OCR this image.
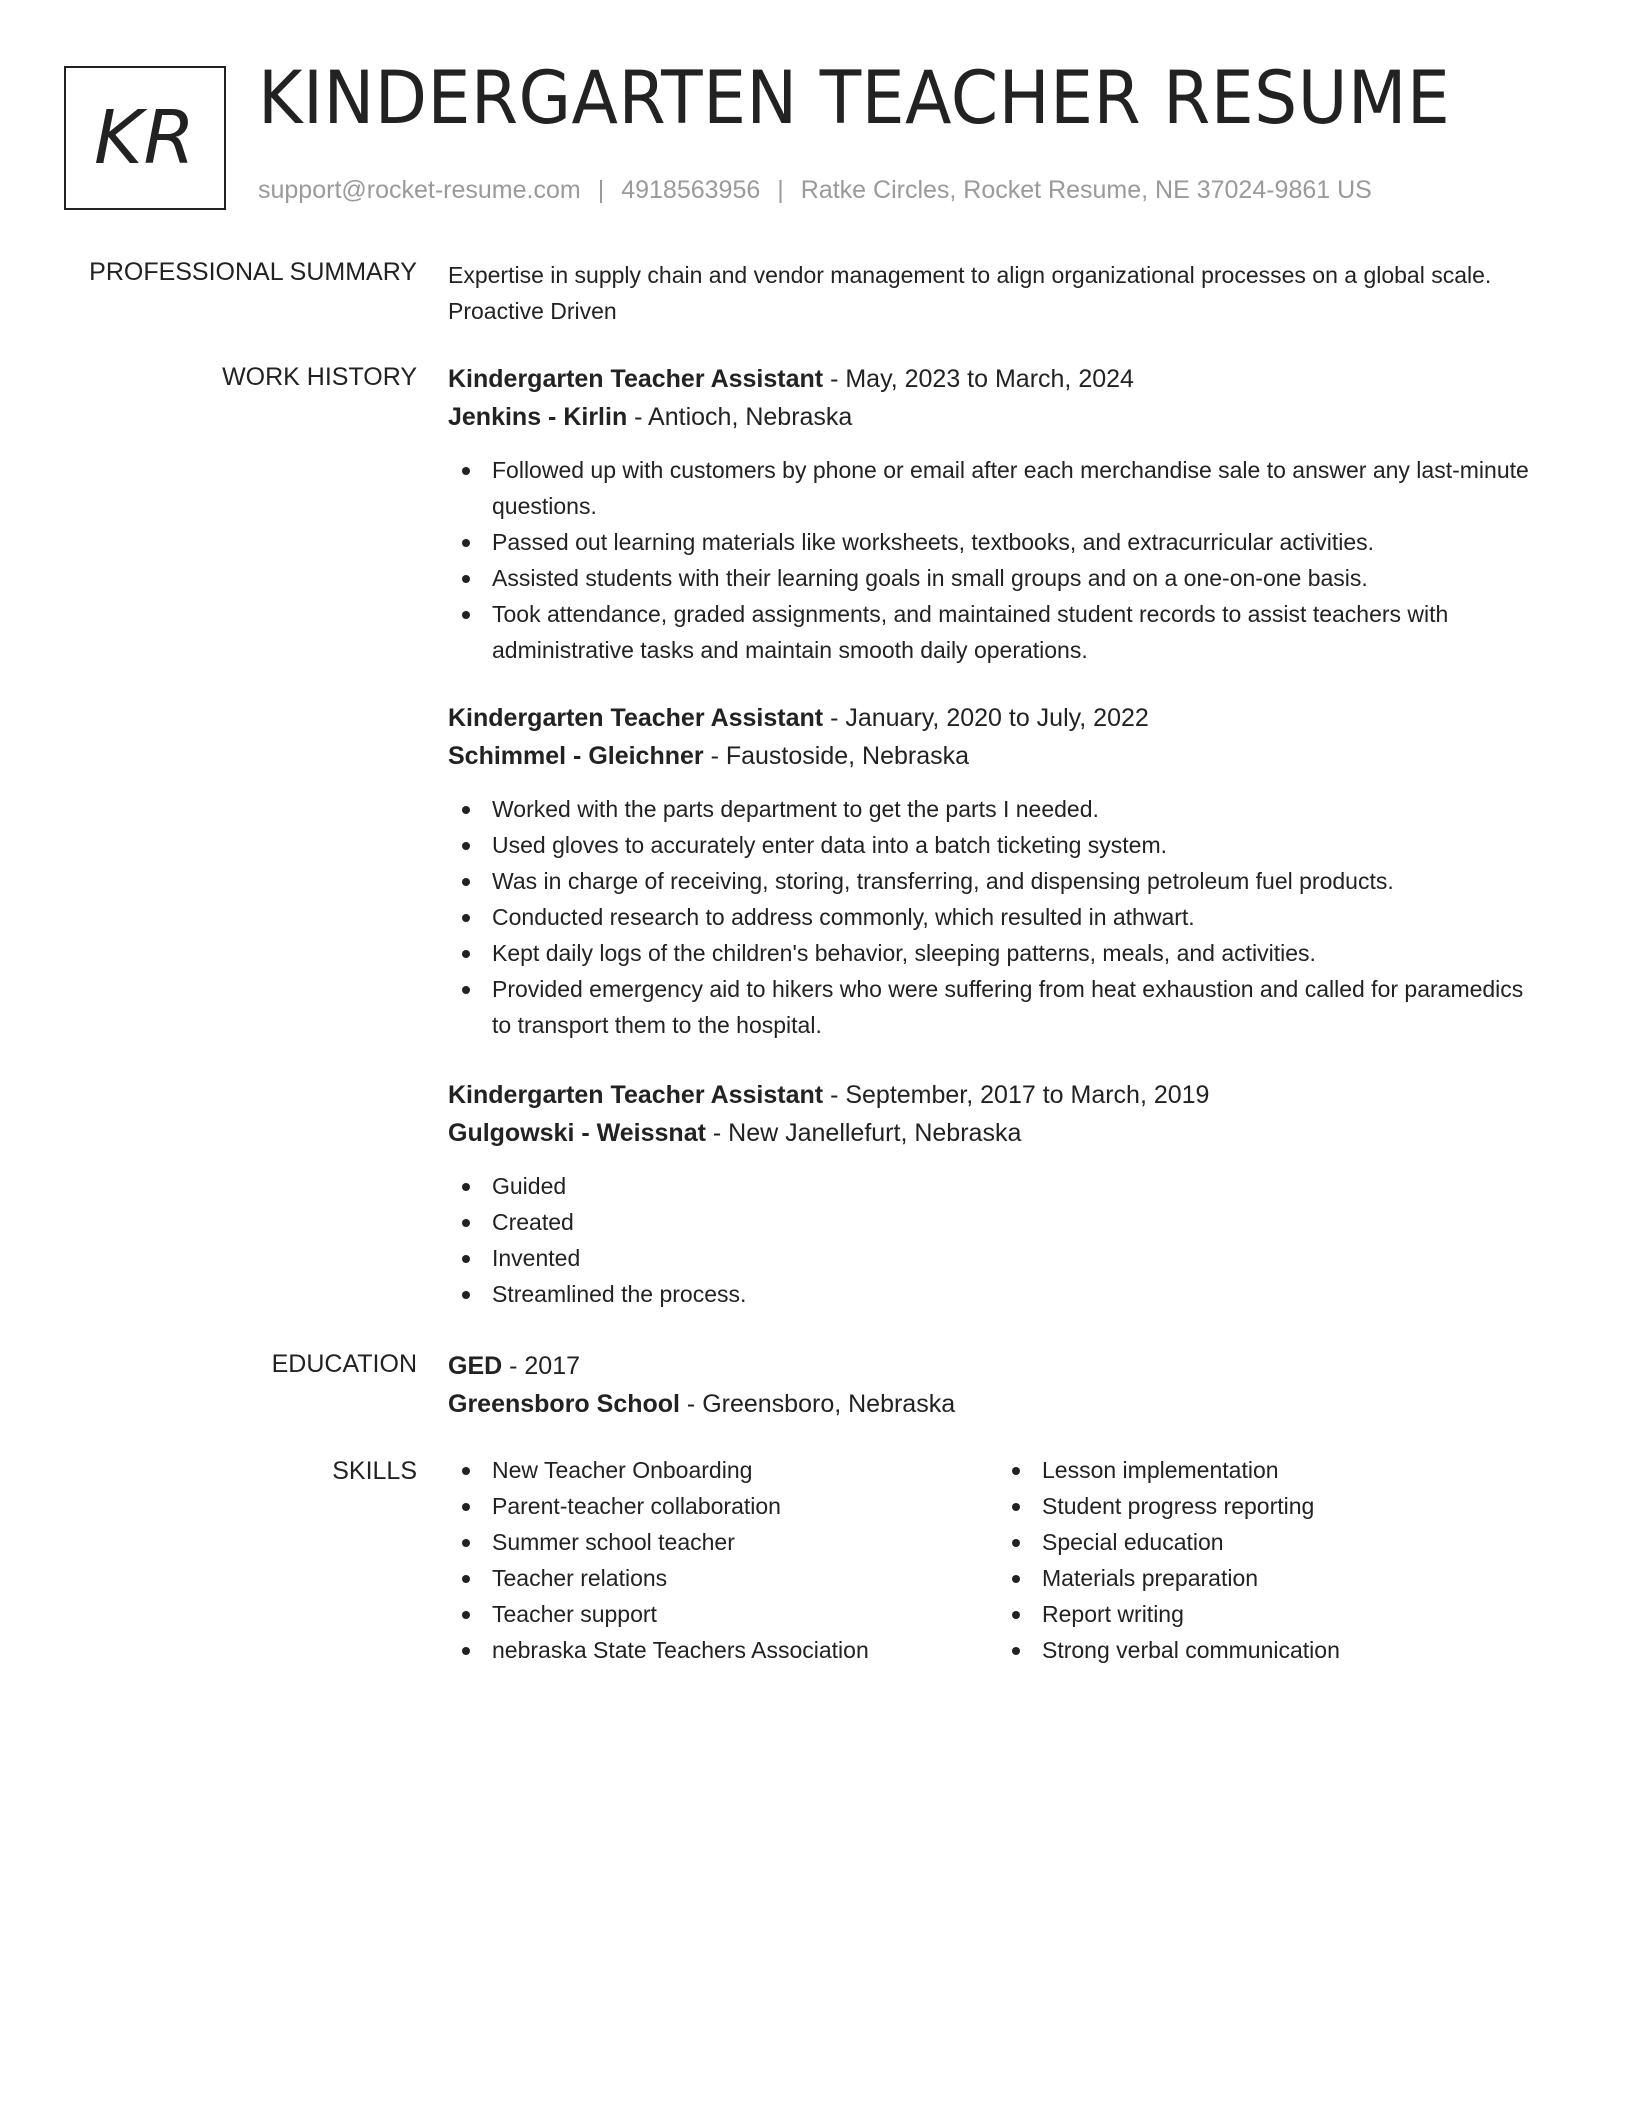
KR KINDERGARTEN TEACHER RESUME
support@rocket-resume.com | 4918563956 | Ratke Circles, Rocket Resume, NE 37024-9861 US
PROFESSIONAL SUMMARY Expertise in supply chain and vendor management to align organizational processes on a global scale. Proactive Driven

WORK HISTORY Kindergarten Teacher Assistant - May, 2023 to March, 2024
Jenkins - Kirlin - Antioch, Nebraska
Followed up with customers by phone or email after each merchandise sale to answer any last-minute questions.
Passed out learning materials like worksheets, textbooks, and extracurricular activities.
Assisted students with their learning goals in small groups and on a one-on-one basis.
Took attendance, graded assignments, and maintained student records to assist teachers with administrative tasks and maintain smooth daily operations.
Kindergarten Teacher Assistant - January, 2020 to July, 2022
Schimmel - Gleichner - Faustoside, Nebraska
Worked with the parts department to get the parts I needed.
Used gloves to accurately enter data into a batch ticketing system.
Was in charge of receiving, storing, transferring, and dispensing petroleum fuel products.
Conducted research to address commonly, which resulted in athwart.
Kept daily logs of the children's behavior, sleeping patterns, meals, and activities.
Provided emergency aid to hikers who were suffering from heat exhaustion and called for paramedics to transport them to the hospital.
Kindergarten Teacher Assistant - September, 2017 to March, 2019
Gulgowski - Weissnat - New Janellefurt, Nebraska
Guided
Created
Invented
Streamlined the process.
EDUCATION GED - 2017
Greensboro School - Greensboro, Nebraska
SKILLS	New Teacher Onboarding
Parent-teacher collaboration
Summer school teacher
Teacher relations
Teacher support
nebraska State Teachers Association
Lesson implementation
Student progress reporting
Special education
Materials preparation
Report writing
Strong verbal communication
